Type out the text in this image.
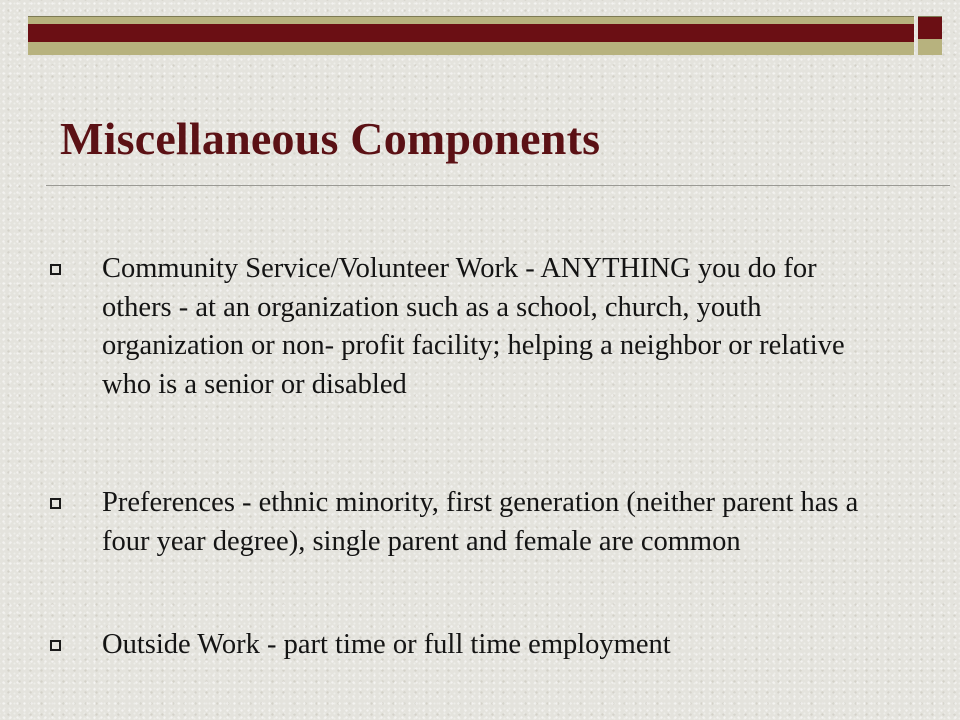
Miscellaneous Components
Community Service/Volunteer Work - ANYTHING you do for others - at an organization such as a school, church, youth organization or non- profit facility; helping a neighbor or relative who is a senior or disabled
Preferences - ethnic minority, first generation (neither parent has a four year degree), single parent and female are common
Outside Work - part time or full time employment
